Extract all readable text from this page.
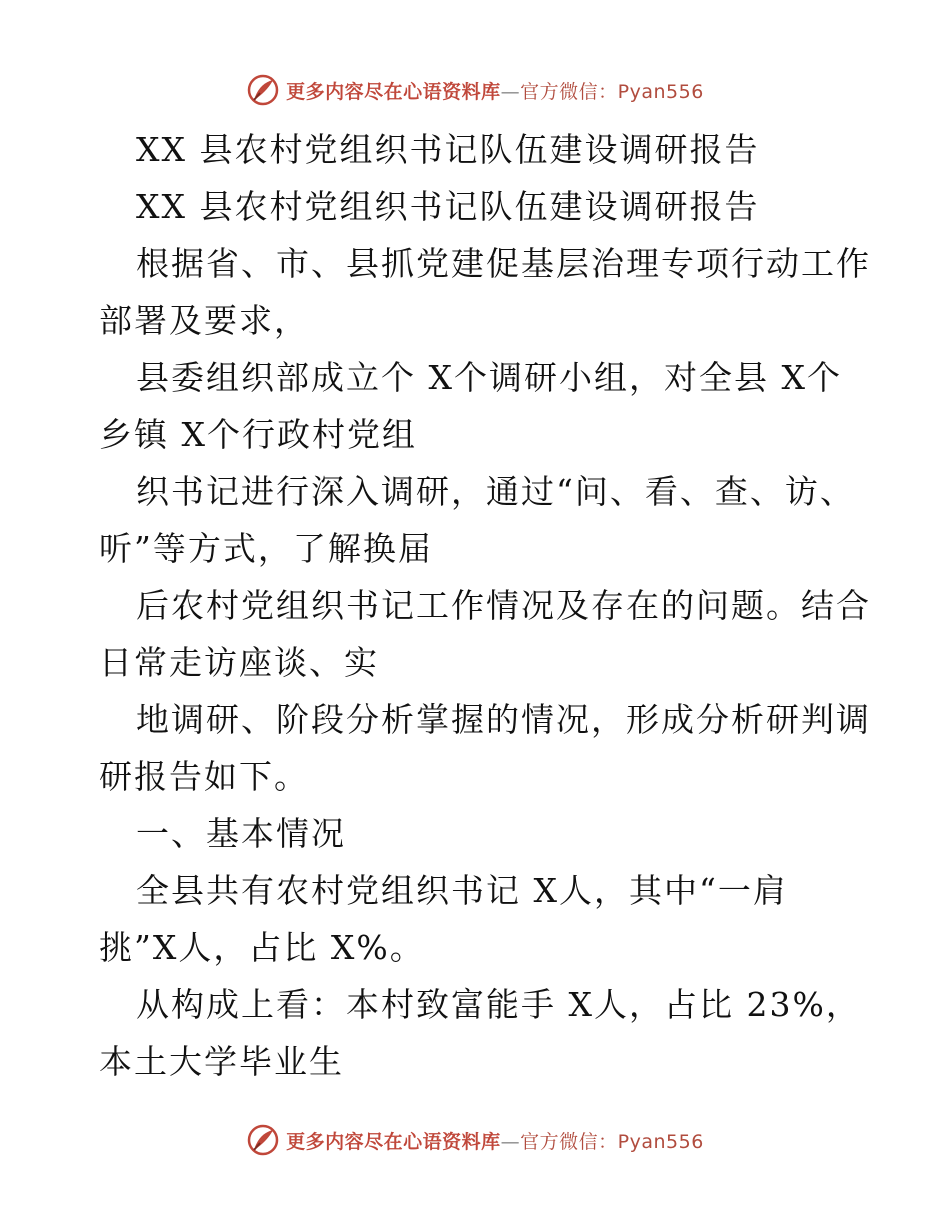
更多内容尽在心语资料库—官方微信：Pyan556
XX 县农村党组织书记队伍建设调研报告
XX 县农村党组织书记队伍建设调研报告
根据省、市、县抓党建促基层治理专项行动工作
部署及要求，
县委组织部成立个 X个调研小组，对全县 X个
乡镇 X个行政村党组
织书记进行深入调研，通过“问、看、查、访、
听”等方式，了解换届
后农村党组织书记工作情况及存在的问题。结合
日常走访座谈、实
地调研、阶段分析掌握的情况，形成分析研判调
研报告如下。
一、基本情况
全县共有农村党组织书记 X人，其中“一肩
挑”X人，占比 X%。
从构成上看：本村致富能手 X人，占比 23%，
本土大学毕业生
更多内容尽在心语资料库—官方微信：Pyan556
